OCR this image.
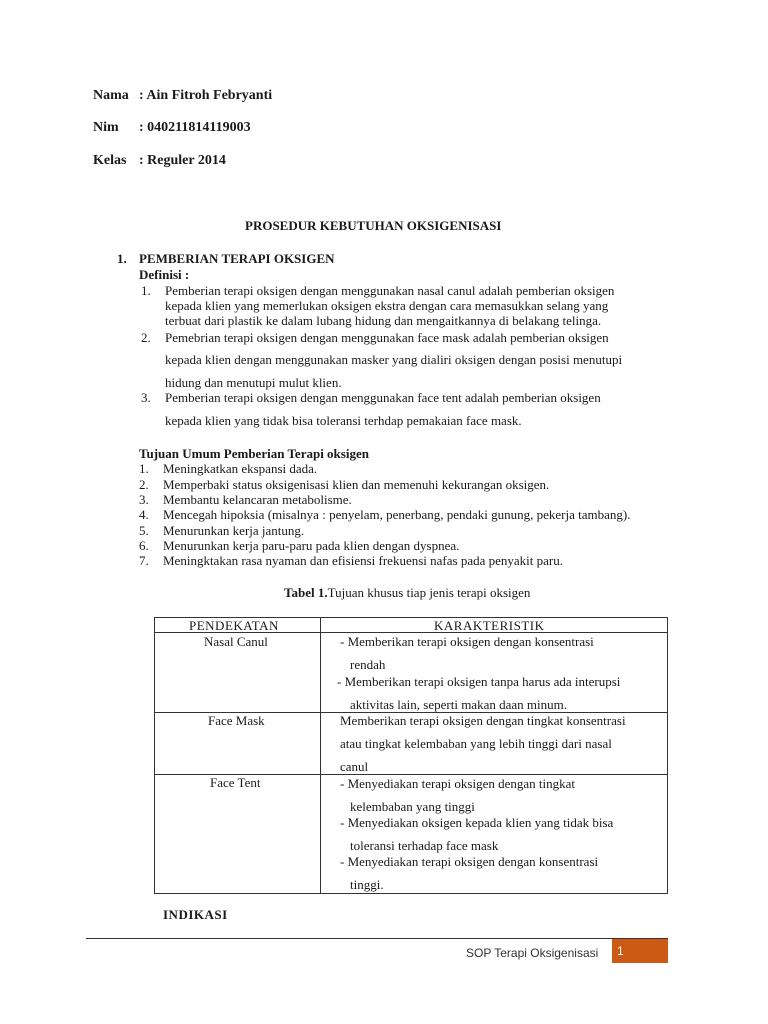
Nama : Ain Fitroh Febryanti
Nim : 040211814119003
Kelas : Reguler 2014
PROSEDUR KEBUTUHAN OKSIGENISASI
1. PEMBERIAN TERAPI OKSIGEN
Definisi :
1. Pemberian terapi oksigen dengan menggunakan nasal canul adalah pemberian oksigen
kepada klien yang memerlukan oksigen ekstra dengan cara memasukkan selang yang
terbuat dari plastik ke dalam lubang hidung dan mengaitkannya di belakang telinga.
2. Pemebrian terapi oksigen dengan menggunakan face mask adalah pemberian oksigen
kepada klien dengan menggunakan masker yang dialiri oksigen dengan posisi menutupi
hidung dan menutupi mulut klien.
3. Pemberian terapi oksigen dengan menggunakan face tent adalah pemberian oksigen
kepada klien yang tidak bisa toleransi terhdap pemakaian face mask.
Tujuan Umum Pemberian Terapi oksigen
1. Meningkatkan ekspansi dada.
2. Memperbaki status oksigenisasi klien dan memenuhi kekurangan oksigen.
3. Membantu kelancaran metabolisme.
4. Mencegah hipoksia (misalnya : penyelam, penerbang, pendaki gunung, pekerja tambang).
5. Menurunkan kerja jantung.
6. Menurunkan kerja paru-paru pada klien dengan dyspnea.
7. Meningktakan rasa nyaman dan efisiensi frekuensi nafas pada penyakit paru.
Tabel 1.Tujuan khusus tiap jenis terapi oksigen
PENDEKATAN	KARAKTERISTIK
Nasal Canul	- Memberikan terapi oksigen dengan konsentrasi
rendah
- Memberikan terapi oksigen tanpa harus ada interupsi
aktivitas lain, seperti makan daan minum.
Face Mask	Memberikan terapi oksigen dengan tingkat konsentrasi
atau tingkat kelembaban yang lebih tinggi dari nasal
canul
Face Tent	- Menyediakan terapi oksigen dengan tingkat
kelembaban yang tinggi
- Menyediakan oksigen kepada klien yang tidak bisa
toleransi terhadap face mask
- Menyediakan terapi oksigen dengan konsentrasi
tinggi.
INDIKASI
SOP Terapi Oksigenisasi 1
